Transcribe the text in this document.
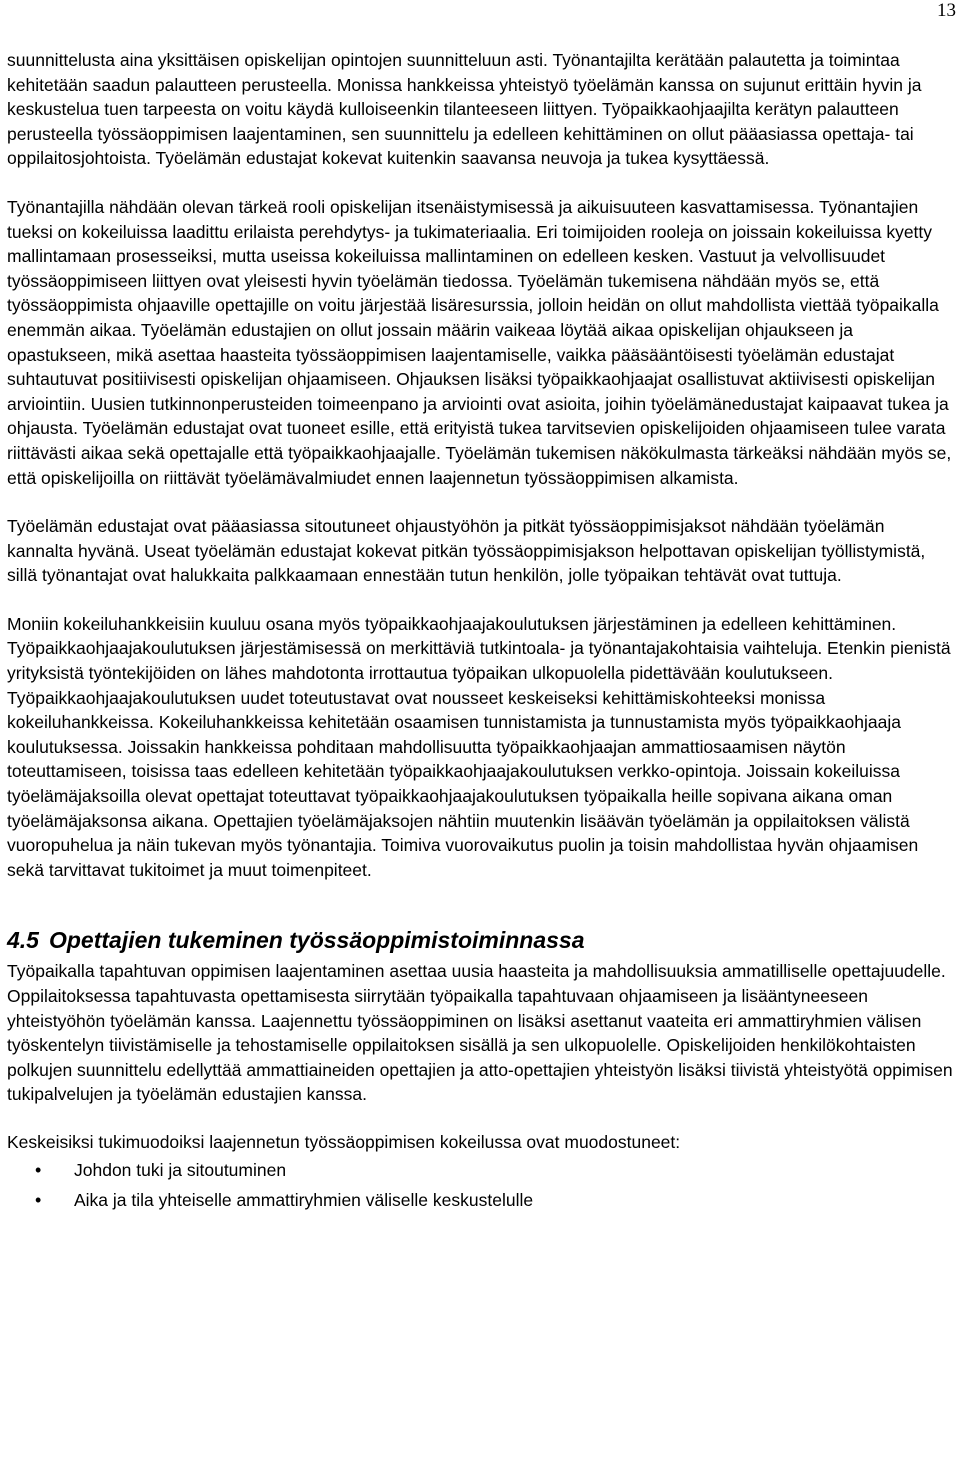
13

suunnittelusta aina yksittäisen opiskelijan opintojen suunnitteluun asti. Työnantajilta kerätään palautetta ja toimintaa kehitetään saadun palautteen perusteella. Monissa hankkeissa yhteistyö työelämän kanssa on sujunut erittäin hyvin ja keskustelua tuen tarpeesta on voitu käydä kulloiseenkin tilanteeseen liittyen. Työpaikkaohjaajilta kerätyn palautteen perusteella työssäoppimisen laajentaminen, sen suunnittelu ja edelleen kehittäminen on ollut pääasiassa opettaja- tai oppilaitosjohtoista. Työelämän edustajat kokevat kuitenkin saavansa neuvoja ja tukea kysyttäessä.

Työnantajilla nähdään olevan tärkeä rooli opiskelijan itsenäistymisessä ja aikuisuuteen kasvattamisessa. Työnantajien tueksi on kokeiluissa laadittu erilaista perehdytys- ja tukimateriaalia. Eri toimijoiden rooleja on joissain kokeiluissa kyetty mallintamaan prosesseiksi, mutta useissa kokeiluissa mallintaminen on edelleen kesken. Vastuut ja velvollisuudet työssäoppimiseen liittyen ovat yleisesti hyvin työelämän tiedossa. Työelämän tukemisena nähdään myös se, että työssäoppimista ohjaaville opettajille on voitu järjestää lisäresurssia, jolloin heidän on ollut mahdollista viettää työpaikalla enemmän aikaa. Työelämän edustajien on ollut jossain määrin vaikeaa löytää aikaa opiskelijan ohjaukseen ja opastukseen, mikä asettaa haasteita työssäoppimisen laajentamiselle, vaikka pääsääntöisesti työelämän edustajat suhtautuvat positiivisesti opiskelijan ohjaamiseen. Ohjauksen lisäksi työpaikkaohjaajat osallistuvat aktiivisesti opiskelijan arviointiin. Uusien tutkinnonperusteiden toimeenpano ja arviointi ovat asioita, joihin työelämänedustajat kaipaavat tukea ja ohjausta. Työelämän edustajat ovat tuoneet esille, että erityistä tukea tarvitsevien opiskelijoiden ohjaamiseen tulee varata riittävästi aikaa sekä opettajalle että työpaikkaohjaajalle. Työelämän tukemisen näkökulmasta tärkeäksi nähdään myös se, että opiskelijoilla on riittävät työelämävalmiudet ennen laajennetun työssäoppimisen alkamista.

Työelämän edustajat ovat pääasiassa sitoutuneet ohjaustyöhön ja pitkät työssäoppimisjaksot nähdään työelämän kannalta hyvänä. Useat työelämän edustajat kokevat pitkän työssäoppimisjakson helpottavan opiskelijan työllistymistä, sillä työnantajat ovat halukkaita palkkaamaan ennestään tutun henkilön, jolle työpaikan tehtävät ovat tuttuja.

Moniin kokeiluhankkeisiin kuuluu osana myös työpaikkaohjaajakoulutuksen järjestäminen ja edelleen kehittäminen. Työpaikkaohjaajakoulutuksen järjestämisessä on merkittäviä tutkintoala- ja työnantajakohtaisia vaihteluja. Etenkin pienistä yrityksistä työntekijöiden on lähes mahdotonta irrottautua työpaikan ulkopuolella pidettävään koulutukseen. Työpaikkaohjaajakoulutuksen uudet toteutustavat ovat nousseet keskeiseksi kehittämiskohteeksi monissa kokeiluhankkeissa. Kokeiluhankkeissa kehitetään osaamisen tunnistamista ja tunnustamista myös työpaikkaohjaaja koulutuksessa. Joissakin hankkeissa pohditaan mahdollisuutta työpaikkaohjaajan ammattiosaamisen näytön toteuttamiseen, toisissa taas edelleen kehitetään työpaikkaohjaajakoulutuksen verkko-opintoja. Joissain kokeiluissa työelämäjaksoilla olevat opettajat toteuttavat työpaikkaohjaajakoulutuksen työpaikalla heille sopivana aikana oman työelämäjaksonsa aikana. Opettajien työelämäjaksojen nähtiin muutenkin lisäävän työelämän ja oppilaitoksen välistä vuoropuhelua ja näin tukevan myös työnantajia. Toimiva vuorovaikutus puolin ja toisin mahdollistaa hyvän ohjaamisen sekä tarvittavat tukitoimet ja muut toimenpiteet.

4.5 Opettajien tukeminen työssäoppimistoiminnassa

Työpaikalla tapahtuvan oppimisen laajentaminen asettaa uusia haasteita ja mahdollisuuksia ammatilliselle opettajuudelle. Oppilaitoksessa tapahtuvasta opettamisesta siirrytään työpaikalla tapahtuvaan ohjaamiseen ja lisääntyneeseen yhteistyöhön työelämän kanssa. Laajennettu työssäoppiminen on lisäksi asettanut vaateita eri ammattiryhmien välisen työskentelyn tiivistämiselle ja tehostamiselle oppilaitoksen sisällä ja sen ulkopuolelle. Opiskelijoiden henkilökohtaisten polkujen suunnittelu edellyttää ammattiaineiden opettajien ja atto-opettajien yhteistyön lisäksi tiivistä yhteistyötä oppimisen tukipalvelujen ja työelämän edustajien kanssa.

Keskeisiksi tukimuodoiksi laajennetun työssäoppimisen kokeilussa ovat muodostuneet:

• Johdon tuki ja sitoutuminen
• Aika ja tila yhteiselle ammattiryhmien väliselle keskustelulle
